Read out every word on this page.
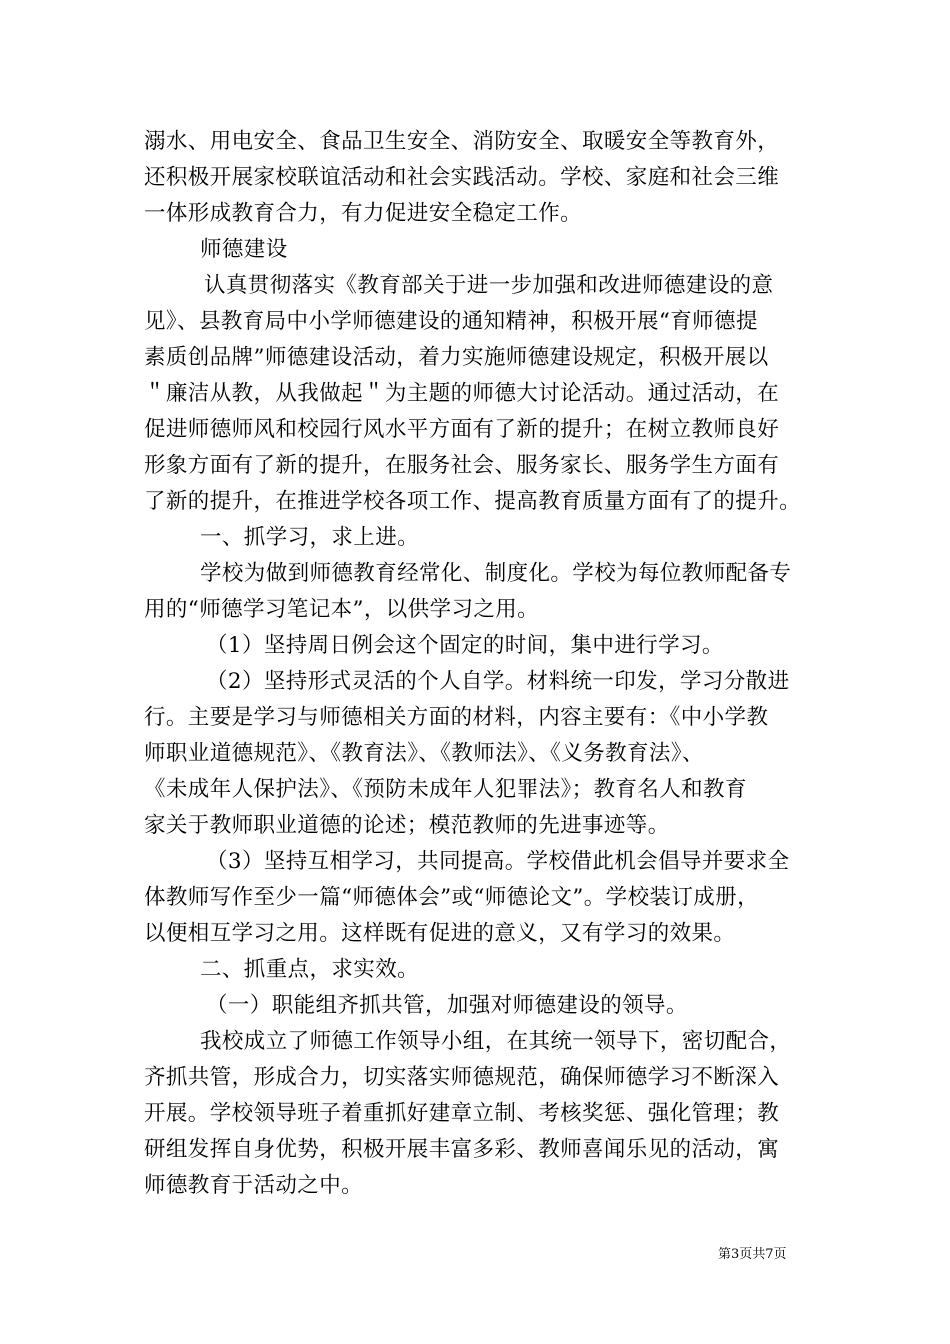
溺水、用电安全、食品卫生安全、消防安全、取暖安全等教育外，
还积极开展家校联谊活动和社会实践活动。学校、家庭和社会三维
一体形成教育合力，有力促进安全稳定工作。
师德建设
认真贯彻落实《教育部关于进一步加强和改进师德建设的意
见》、县教育局中小学师德建设的通知精神，积极开展“育师德提
素质创品牌”师德建设活动，着力实施师德建设规定，积极开展以
＂廉洁从教，从我做起＂为主题的师德大讨论活动。通过活动，在
促进师德师风和校园行风水平方面有了新的提升；在树立教师良好
形象方面有了新的提升，在服务社会、服务家长、服务学生方面有
了新的提升，在推进学校各项工作、提高教育质量方面有了的提升。
一、抓学习，求上进。
学校为做到师德教育经常化、制度化。学校为每位教师配备专
用的“师德学习笔记本”，以供学习之用。
（1）坚持周日例会这个固定的时间，集中进行学习。
（2）坚持形式灵活的个人自学。材料统一印发，学习分散进
行。主要是学习与师德相关方面的材料，内容主要有：《中小学教
师职业道德规范》、《教育法》、《教师法》、《义务教育法》、
《未成年人保护法》、《预防未成年人犯罪法》；教育名人和教育
家关于教师职业道德的论述；模范教师的先进事迹等。
（3）坚持互相学习，共同提高。学校借此机会倡导并要求全
体教师写作至少一篇“师德体会”或“师德论文”。学校装订成册，
以便相互学习之用。这样既有促进的意义，又有学习的效果。
二、抓重点，求实效。
（一）职能组齐抓共管，加强对师德建设的领导。
我校成立了师德工作领导小组，在其统一领导下，密切配合，
齐抓共管，形成合力，切实落实师德规范，确保师德学习不断深入
开展。学校领导班子着重抓好建章立制、考核奖惩、强化管理；教
研组发挥自身优势，积极开展丰富多彩、教师喜闻乐见的活动，寓
师德教育于活动之中。
第3页共7页
